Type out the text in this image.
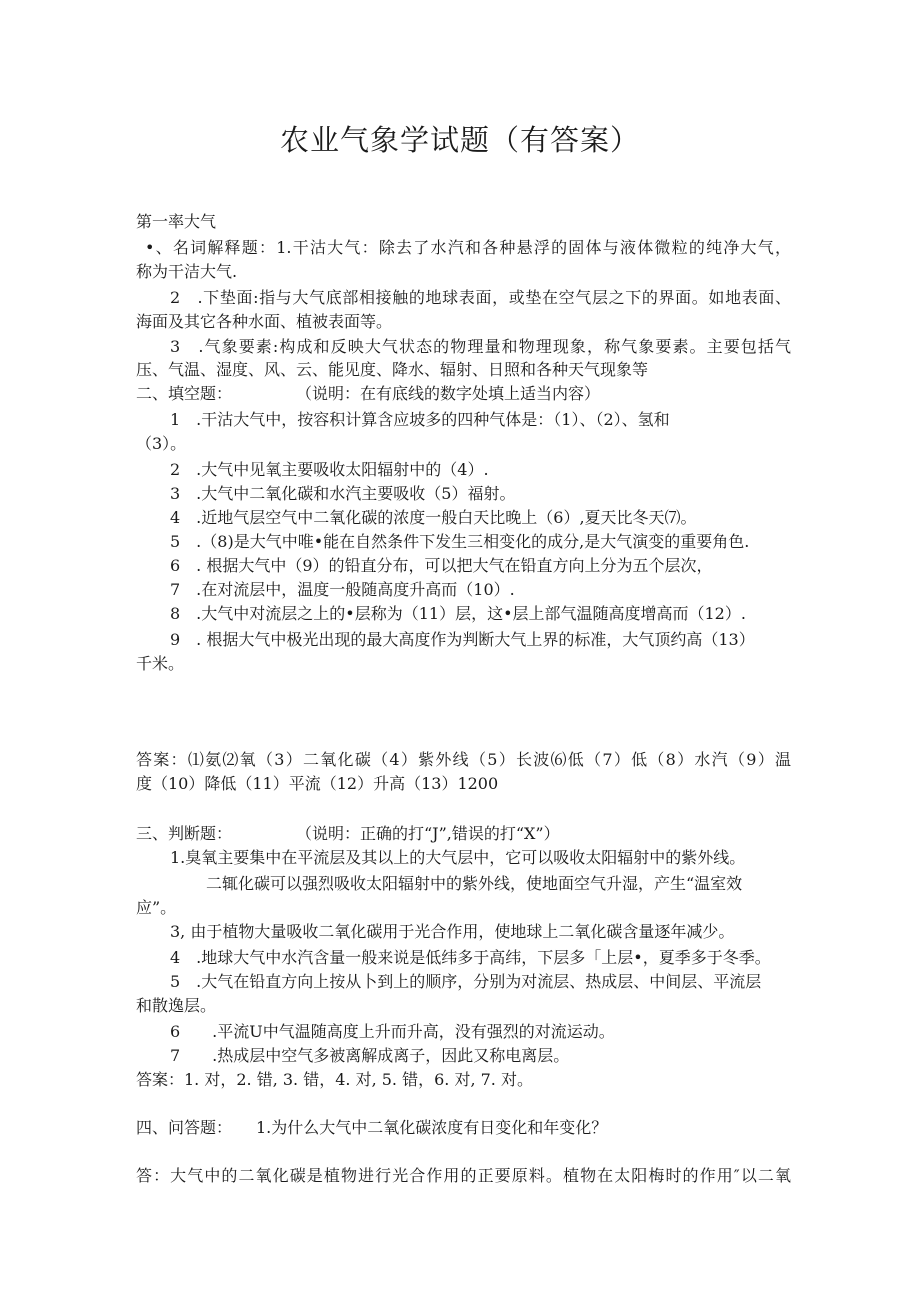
农业气象学试题（有答案）
第一率大气
•、名词解释题：1.干沽大气：除去了水汽和各种悬浮的固体与液体微粒的纯净大气，
称为干洁大气.
2　.下垫面:指与大气底部相接触的地球表面，或垫在空气层之下的界面。如地表面、
海面及其它各种水面、植被表面等。
3　.气象要素:构成和反映大气状态的物理量和物理现象，称气象要素。主要包括气
压、气温、湿度、风、云、能见度、降水、辐射、日照和各种天气现象等
二、填空题：　　　　　（说明：在有底线的数字处填上适当内容）
1　.干沽大气中，按容积计算含应坡多的四种气体是：（1）、（2）、氢和
（3）。
2　.大气中见氧主要吸收太阳辐射中的（4）.
3　.大气中二氧化碳和水汽主要吸收（5）福射。
4　.近地气层空气中二氧化碳的浓度一般白天比晚上（6）,夏天比冬天⑺。
5　.（8)是大气中唯•能在自然条件下发生三相变化的成分,是大气演变的重要角色.
6　. 根据大气中（9）的铅直分布，可以把大气在铅直方向上分为五个层次，
7　.在对流层中，温度一般随高度升高而（10）.
8　.大气中对流层之上的•层称为（11）层，这•层上部气温随高度增高而（12）.
9　. 根据大气中极光出现的最大高度作为判断大气上界的标准，大气顶约高（13）
千米。
答案：⑴氨⑵氧（3）二氧化碳（4）紫外线（5）长波⑹低（7）低（8）水汽（9）温
度（10）降低（11）平流（12）升高（13）1200
三、判断题：　　　　　（说明：正确的打“J”,错误的打“X”）
1.臭氧主要集中在平流层及其以上的大气层中，它可以吸收太阳辐射中的紫外线。
二辄化碳可以强烈吸收太阳辐射中的紫外线，使地面空气升湿，产生“温室效
应”。
3, 由于植物大量吸收二氧化碳用于光合作用，使地球上二氧化碳含量逐年减少。
4　.地球大气中水汽含量一般来说是低纬多于高纬，下层多「上层•，夏季多于冬季。
5　.大气在铅直方向上按从卜到上的顺序，分别为对流层、热成层、中间层、平流层
和散逸层。
6　　.平流U中气温随高度上升而升高，没有强烈的对流运动。
7　　.热成层中空气多被离解成离子，因此又称电离层。
答案：1. 对，2. 错, 3. 错，4. 对, 5. 错，6. 对, 7. 对。
四、问答题：　　1.为什么大气中二氧化碳浓度有日变化和年变化？
答：大气中的二氧化碳是植物进行光合作用的正要原料。植物在太阳梅时的作用″以二氧
